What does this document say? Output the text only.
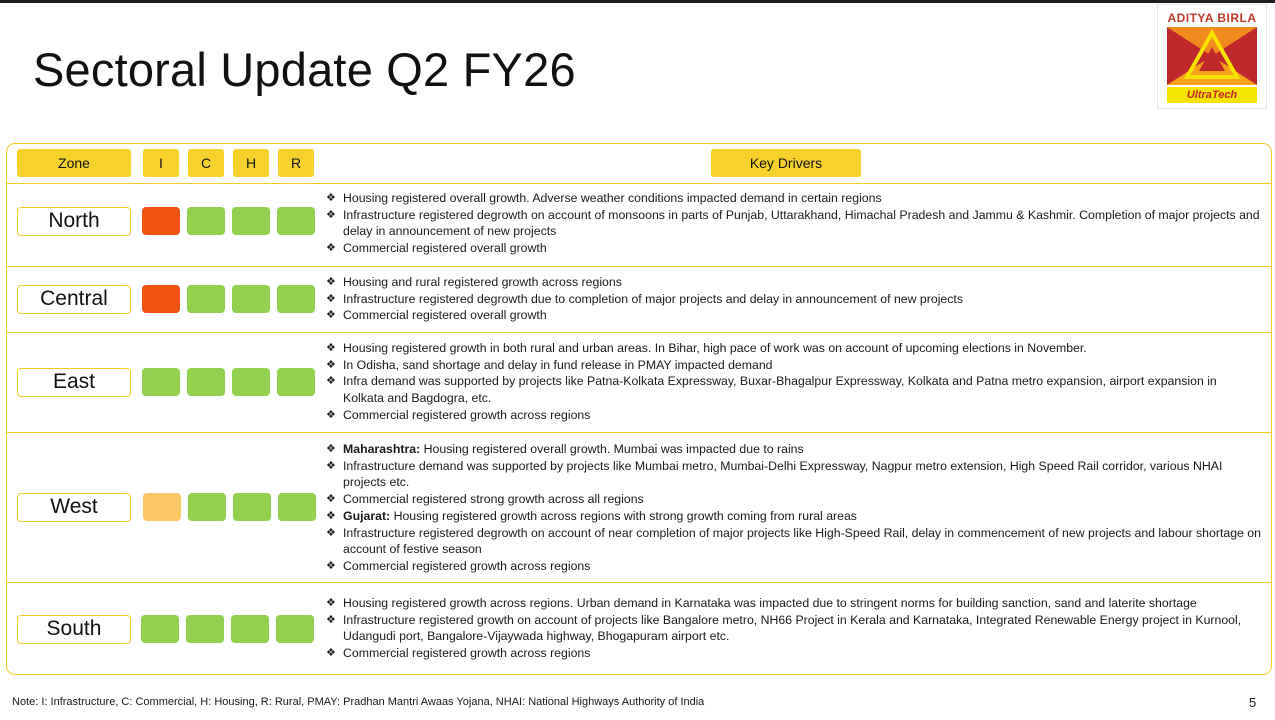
Sectoral Update Q2 FY26
ADITYA BIRLA
UltraTech
Zone	I	C	H	R	Key Drivers
North
❖ Housing registered overall growth. Adverse weather conditions impacted demand in certain regions
❖ Infrastructure registered degrowth on account of monsoons in parts of Punjab, Uttarakhand, Himachal Pradesh and Jammu & Kashmir. Completion of major projects and delay in announcement of new projects
❖ Commercial registered overall growth
Central
❖ Housing and rural registered growth across regions
❖ Infrastructure registered degrowth due to completion of major projects and delay in announcement of new projects
❖ Commercial registered overall growth
East
❖ Housing registered growth in both rural and urban areas. In Bihar, high pace of work was on account of upcoming elections in November.
❖ In Odisha, sand shortage and delay in fund release in PMAY impacted demand
❖ Infra demand was supported by projects like Patna-Kolkata Expressway, Buxar-Bhagalpur Expressway, Kolkata and Patna metro expansion, airport expansion in Kolkata and Bagdogra, etc.
❖ Commercial registered growth across regions
West
❖ Maharashtra: Housing registered overall growth. Mumbai was impacted due to rains
❖ Infrastructure demand was supported by projects like Mumbai metro, Mumbai-Delhi Expressway, Nagpur metro extension, High Speed Rail corridor, various NHAI projects etc.
❖ Commercial registered strong growth across all regions
❖ Gujarat: Housing registered growth across regions with strong growth coming from rural areas
❖ Infrastructure registered degrowth on account of near completion of major projects like High-Speed Rail, delay in commencement of new projects and labour shortage on account of festive season
❖ Commercial registered growth across regions
South
❖ Housing registered growth across regions. Urban demand in Karnataka was impacted due to stringent norms for building sanction, sand and laterite shortage
❖ Infrastructure registered growth on account of projects like Bangalore metro, NH66 Project in Kerala and Karnataka, Integrated Renewable Energy project in Kurnool, Udangudi port, Bangalore-Vijaywada highway, Bhogapuram airport etc.
❖ Commercial registered growth across regions
Note: I: Infrastructure, C: Commercial, H: Housing, R: Rural, PMAY: Pradhan Mantri Awaas Yojana, NHAI: National Highways Authority of India	5
